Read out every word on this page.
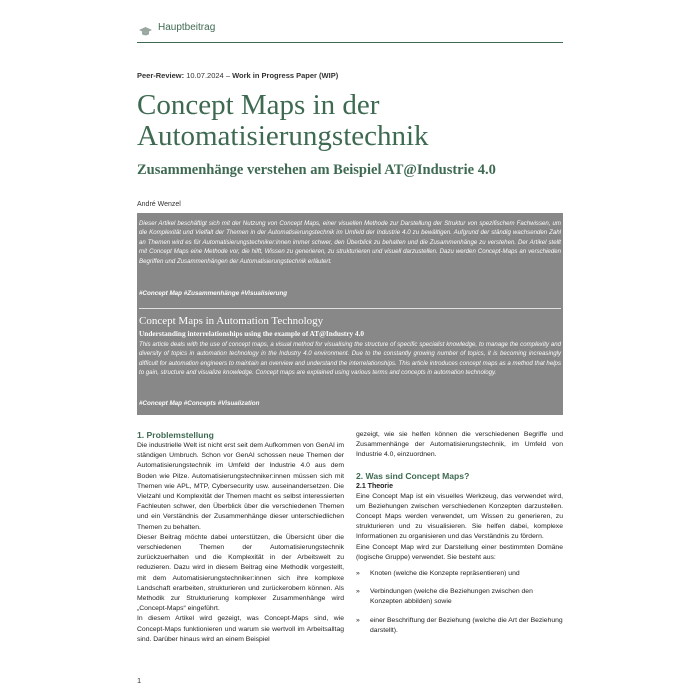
Hauptbeitrag
Peer-Review: 10.07.2024 – Work in Progress Paper (WIP)
Concept Maps in der Automatisierungstechnik
Zusammenhänge verstehen am Beispiel AT@Industrie 4.0
André Wenzel

Dieser Artikel beschäftigt sich mit der Nutzung von Concept Maps, einer visuellen Methode zur Darstellung der Struktur von spezifischem Fachwissen, um die Komplexität und Vielfalt der Themen in der Automatisierungstechnik im Umfeld der Industrie 4.0 zu bewältigen. Aufgrund der ständig wachsenden Zahl an Themen wird es für Automatisierungstechniker:innen immer schwer, den Überblick zu behalten und die Zusammenhänge zu verstehen. Der Artikel stellt mit Concept Maps eine Methode vor, die hilft, Wissen zu generieren, zu strukturieren und visuell darzustellen. Dazu werden Concept-Maps an verschieden Begriffen und Zusammenhängen der Automatisierungstechnik erläutert.

#Concept Map #Zusammenhänge #Visualisierung
Concept Maps in Automation Technology
Understanding interrelationships using the example of AT@Industry 4.0

This article deals with the use of concept maps, a visual method for visualising the structure of specific specialist knowledge, to manage the complexity and diversity of topics in automation technology in the Industry 4.0 environment. Due to the constantly growing number of topics, it is becoming increasingly difficult for automation engineers to maintain an overview and understand the interrelationships. This article introduces concept maps as a method that helps to gain, structure and visualize knowledge. Concept maps are explained using various terms and concepts in automation technology.

#Concept Map #Concepts #Visualization
1. Problemstellung

Die industrielle Welt ist nicht erst seit dem Aufkommen von GenAI im ständigen Umbruch. Schon vor GenAI schossen neue Themen der Automatisierungstechnik im Umfeld der Industrie 4.0 aus dem Boden wie Pilze. Automatisierungstechniker:innen müssen sich mit Themen wie APL, MTP, Cybersecurity usw. auseinandersetzen. Die Vielzahl und Komplexität der Themen macht es selbst interessierten Fachleuten schwer, den Überblick über die verschiedenen Themen und ein Verständnis der Zusammenhänge dieser unterschiedlichen Themen zu behalten.

Dieser Beitrag möchte dabei unterstützen, die Übersicht über die verschiedenen Themen der Automatisierungstechnik zurückzuerhalten und die Komplexität in der Arbeitswelt zu reduzieren. Dazu wird in diesem Beitrag eine Methodik vorgestellt, mit dem Automatisierungstechniker:innen sich ihre komplexe Landschaft erarbeiten, strukturieren und zurückerobern können. Als Methodik zur Strukturierung komplexer Zusammenhänge wird „Concept-Maps“ eingeführt.

In diesem Artikel wird gezeigt, was Concept-Maps sind, wie Concept-Maps funktionieren und warum sie wertvoll im Arbeitsalltag sind. Darüber hinaus wird an einem Beispiel

gezeigt, wie sie helfen können die verschiedenen Begriffe und Zusammenhänge der Automatisierungstechnik, im Umfeld von Industrie 4.0, einzuordnen.

2. Was sind Concept Maps?
2.1 Theorie

Eine Concept Map ist ein visuelles Werkzeug, das verwendet wird, um Beziehungen zwischen verschiedenen Konzepten darzustellen. Concept Maps werden verwendet, um Wissen zu generieren, zu strukturieren und zu visualisieren. Sie helfen dabei, komplexe Informationen zu organisieren und das Verständnis zu fördern.

Eine Concept Map wird zur Darstellung einer bestimmten Domäne (logische Gruppe) verwendet. Sie besteht aus:

» Knoten (welche die Konzepte repräsentieren) und
» Verbindungen (welche die Beziehungen zwischen den Konzepten abbilden) sowie
» einer Beschriftung der Beziehung (welche die Art der Beziehung darstellt).
1
